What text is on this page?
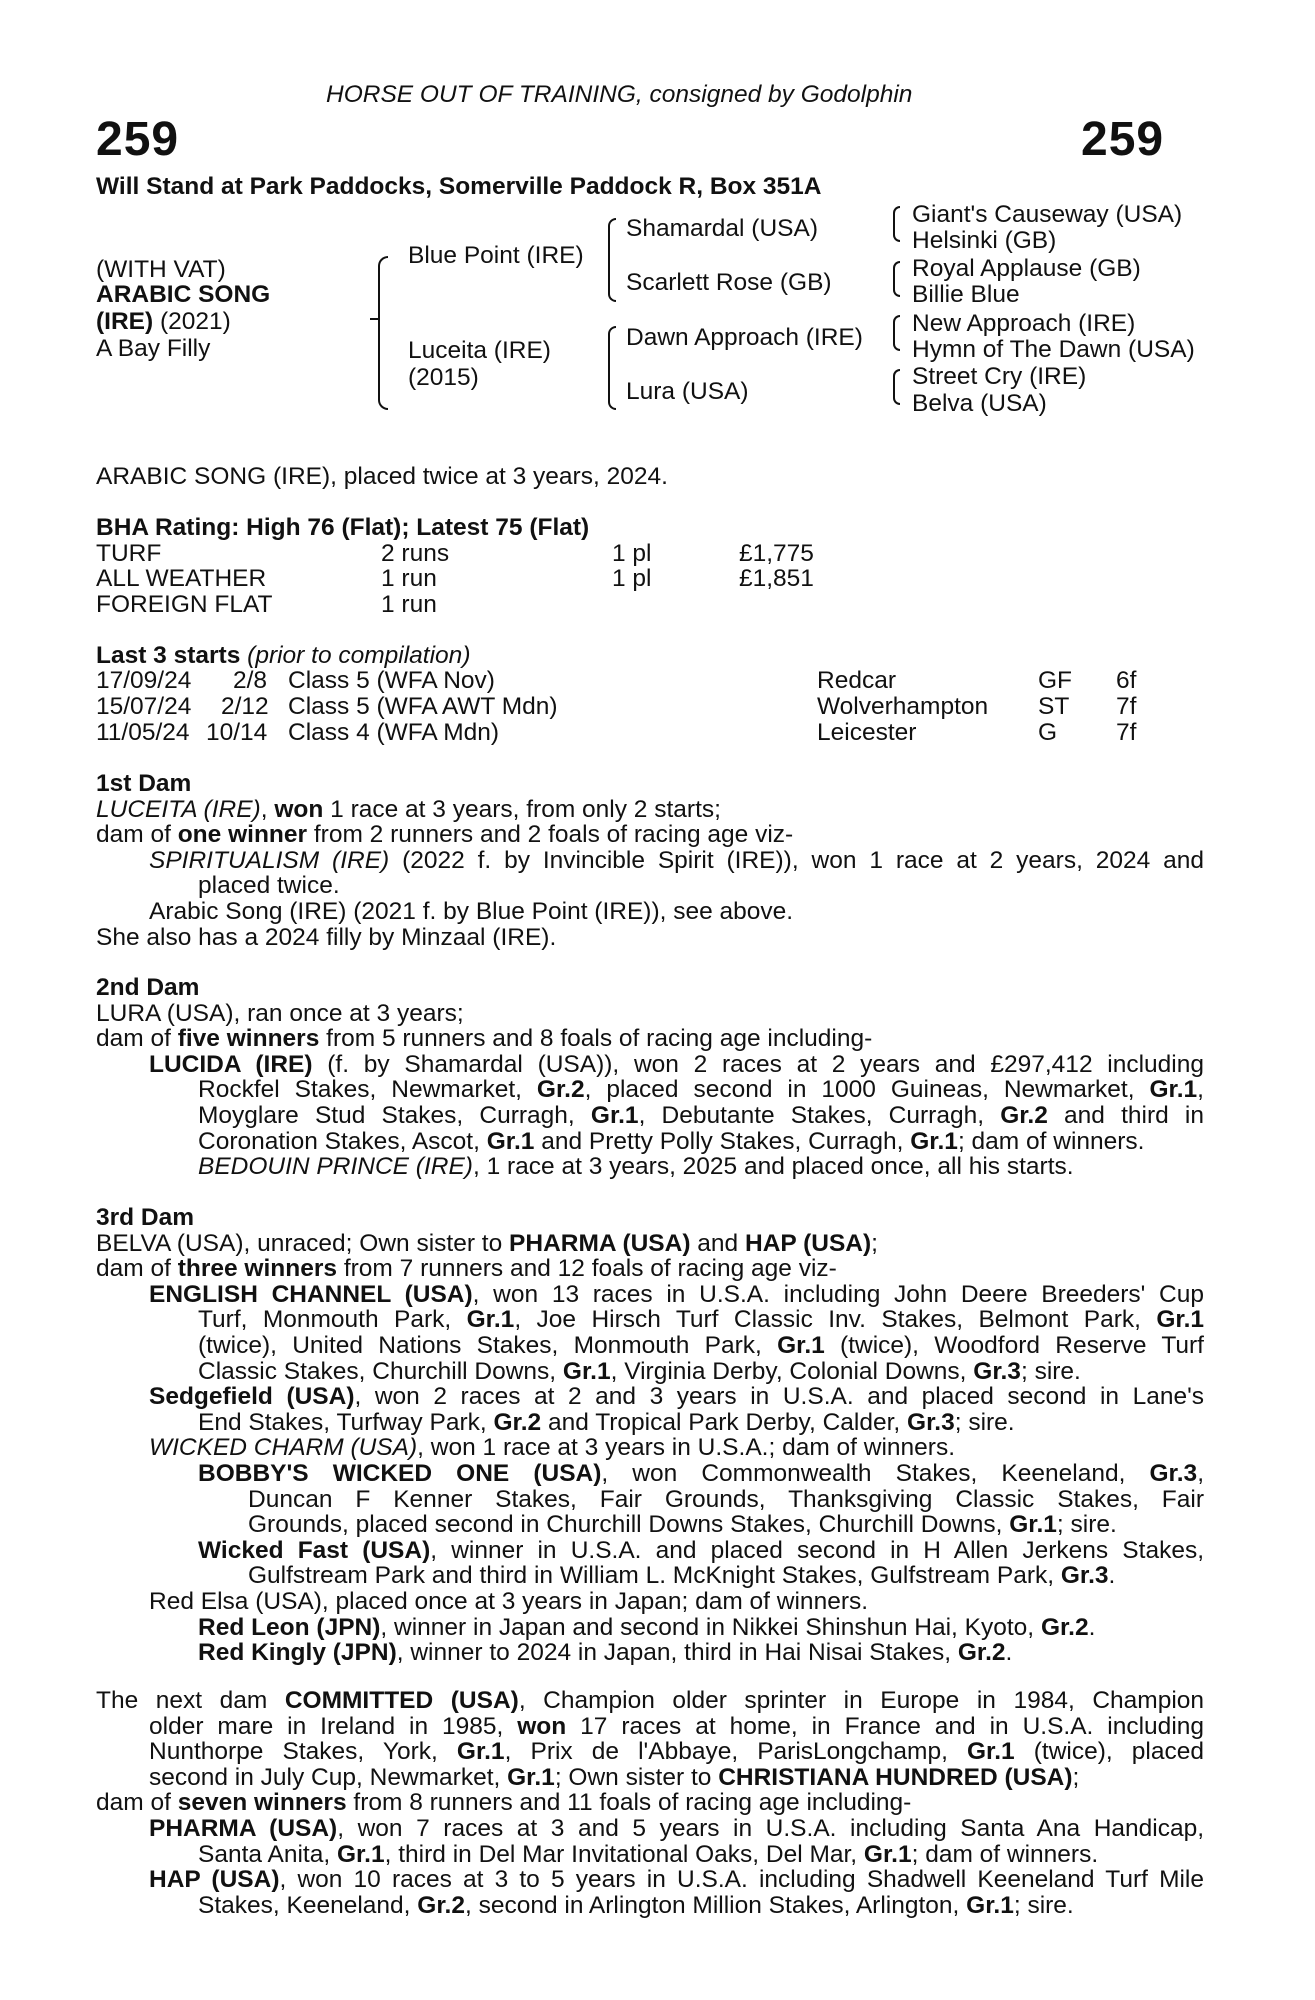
HORSE OUT OF TRAINING, consigned by Godolphin
259	259
Will Stand at Park Paddocks, Somerville Paddock R, Box 351A
(WITH VAT)
ARABIC SONG
(IRE) (2021)
A Bay Filly
Blue Point (IRE)
Luceita (IRE)
(2015)
Shamardal (USA)
Scarlett Rose (GB)
Dawn Approach (IRE)
Lura (USA)
Giant's Causeway (USA)
Helsinki (GB)
Royal Applause (GB)
Billie Blue
New Approach (IRE)
Hymn of The Dawn (USA)
Street Cry (IRE)
Belva (USA)
ARABIC SONG (IRE), placed twice at 3 years, 2024.
BHA Rating: High 76 (Flat); Latest 75 (Flat)
TURF	2 runs	1 pl	£1,775
ALL WEATHER	1 run	1 pl	£1,851
FOREIGN FLAT	1 run
Last 3 starts (prior to compilation)
17/09/24 2/8 Class 5 (WFA Nov)	Redcar	GF 6f
15/07/24 2/12 Class 5 (WFA AWT Mdn)	Wolverhampton ST 7f
11/05/24 10/14 Class 4 (WFA Mdn)	Leicester	G 7f
1st Dam
LUCEITA (IRE), won 1 race at 3 years, from only 2 starts;
dam of one winner from 2 runners and 2 foals of racing age viz-
SPIRITUALISM (IRE) (2022 f. by Invincible Spirit (IRE)), won 1 race at 2 years, 2024 and
placed twice.
Arabic Song (IRE) (2021 f. by Blue Point (IRE)), see above.
She also has a 2024 filly by Minzaal (IRE).
2nd Dam
LURA (USA), ran once at 3 years;
dam of five winners from 5 runners and 8 foals of racing age including-
LUCIDA (IRE) (f. by Shamardal (USA)), won 2 races at 2 years and £297,412 including
Rockfel Stakes, Newmarket, Gr.2, placed second in 1000 Guineas, Newmarket, Gr.1,
Moyglare Stud Stakes, Curragh, Gr.1, Debutante Stakes, Curragh, Gr.2 and third in
Coronation Stakes, Ascot, Gr.1 and Pretty Polly Stakes, Curragh, Gr.1; dam of winners.
BEDOUIN PRINCE (IRE), 1 race at 3 years, 2025 and placed once, all his starts.
3rd Dam
BELVA (USA), unraced; Own sister to PHARMA (USA) and HAP (USA);
dam of three winners from 7 runners and 12 foals of racing age viz-
ENGLISH CHANNEL (USA), won 13 races in U.S.A. including John Deere Breeders' Cup
Turf, Monmouth Park, Gr.1, Joe Hirsch Turf Classic Inv. Stakes, Belmont Park, Gr.1
(twice), United Nations Stakes, Monmouth Park, Gr.1 (twice), Woodford Reserve Turf
Classic Stakes, Churchill Downs, Gr.1, Virginia Derby, Colonial Downs, Gr.3; sire.
Sedgefield (USA), won 2 races at 2 and 3 years in U.S.A. and placed second in Lane's
End Stakes, Turfway Park, Gr.2 and Tropical Park Derby, Calder, Gr.3; sire.
WICKED CHARM (USA), won 1 race at 3 years in U.S.A.; dam of winners.
BOBBY'S WICKED ONE (USA), won Commonwealth Stakes, Keeneland, Gr.3,
Duncan F Kenner Stakes, Fair Grounds, Thanksgiving Classic Stakes, Fair
Grounds, placed second in Churchill Downs Stakes, Churchill Downs, Gr.1; sire.
Wicked Fast (USA), winner in U.S.A. and placed second in H Allen Jerkens Stakes,
Gulfstream Park and third in William L. McKnight Stakes, Gulfstream Park, Gr.3.
Red Elsa (USA), placed once at 3 years in Japan; dam of winners.
Red Leon (JPN), winner in Japan and second in Nikkei Shinshun Hai, Kyoto, Gr.2.
Red Kingly (JPN), winner to 2024 in Japan, third in Hai Nisai Stakes, Gr.2.
The next dam COMMITTED (USA), Champion older sprinter in Europe in 1984, Champion
older mare in Ireland in 1985, won 17 races at home, in France and in U.S.A. including
Nunthorpe Stakes, York, Gr.1, Prix de l'Abbaye, ParisLongchamp, Gr.1 (twice), placed
second in July Cup, Newmarket, Gr.1; Own sister to CHRISTIANA HUNDRED (USA);
dam of seven winners from 8 runners and 11 foals of racing age including-
PHARMA (USA), won 7 races at 3 and 5 years in U.S.A. including Santa Ana Handicap,
Santa Anita, Gr.1, third in Del Mar Invitational Oaks, Del Mar, Gr.1; dam of winners.
HAP (USA), won 10 races at 3 to 5 years in U.S.A. including Shadwell Keeneland Turf Mile
Stakes, Keeneland, Gr.2, second in Arlington Million Stakes, Arlington, Gr.1; sire.
